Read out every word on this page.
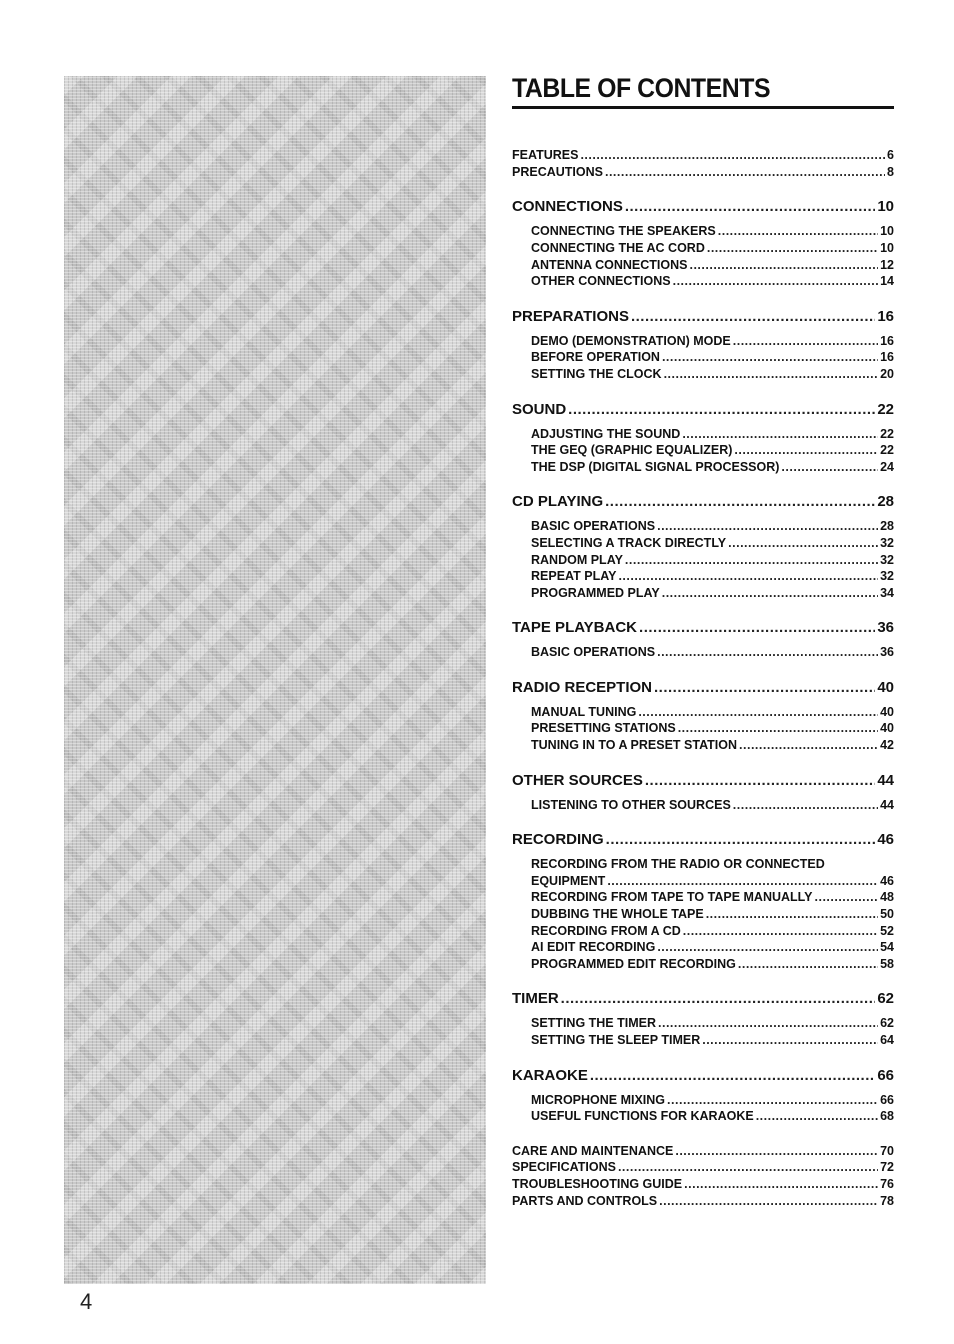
TABLE OF CONTENTS
FEATURES .....	6
PRECAUTIONS .....	8
CONNECTIONS .....	10
CONNECTING THE SPEAKERS .....	10
CONNECTING THE AC CORD .....	10
ANTENNA CONNECTIONS .....	12
OTHER CONNECTIONS .....	14
PREPARATIONS .....	16
DEMO (DEMONSTRATION) MODE .....	16
BEFORE OPERATION .....	16
SETTING THE CLOCK .....	20
SOUND .....	22
ADJUSTING THE SOUND .....	22
THE GEQ (GRAPHIC EQUALIZER) .....	22
THE DSP (DIGITAL SIGNAL PROCESSOR) .....	24
CD PLAYING .....	28
BASIC OPERATIONS .....	28
SELECTING A TRACK DIRECTLY .....	32
RANDOM PLAY .....	32
REPEAT PLAY .....	32
PROGRAMMED PLAY .....	34
TAPE PLAYBACK .....	36
BASIC OPERATIONS .....	36
RADIO RECEPTION .....	40
MANUAL TUNING .....	40
PRESETTING STATIONS .....	40
TUNING IN TO A PRESET STATION .....	42
OTHER SOURCES .....	44
LISTENING TO OTHER SOURCES .....	44
RECORDING .....	46
RECORDING FROM THE RADIO OR CONNECTED
EQUIPMENT .....	46
RECORDING FROM TAPE TO TAPE MANUALLY .....	48
DUBBING THE WHOLE TAPE .....	50
RECORDING FROM A CD .....	52
AI EDIT RECORDING .....	54
PROGRAMMED EDIT RECORDING .....	58
TIMER .....	62
SETTING THE TIMER .....	62
SETTING THE SLEEP TIMER .....	64
KARAOKE .....	66
MICROPHONE MIXING .....	66
USEFUL FUNCTIONS FOR KARAOKE .....	68
CARE AND MAINTENANCE .....	70
SPECIFICATIONS .....	72
TROUBLESHOOTING GUIDE .....	76
PARTS AND CONTROLS .....	78
4
